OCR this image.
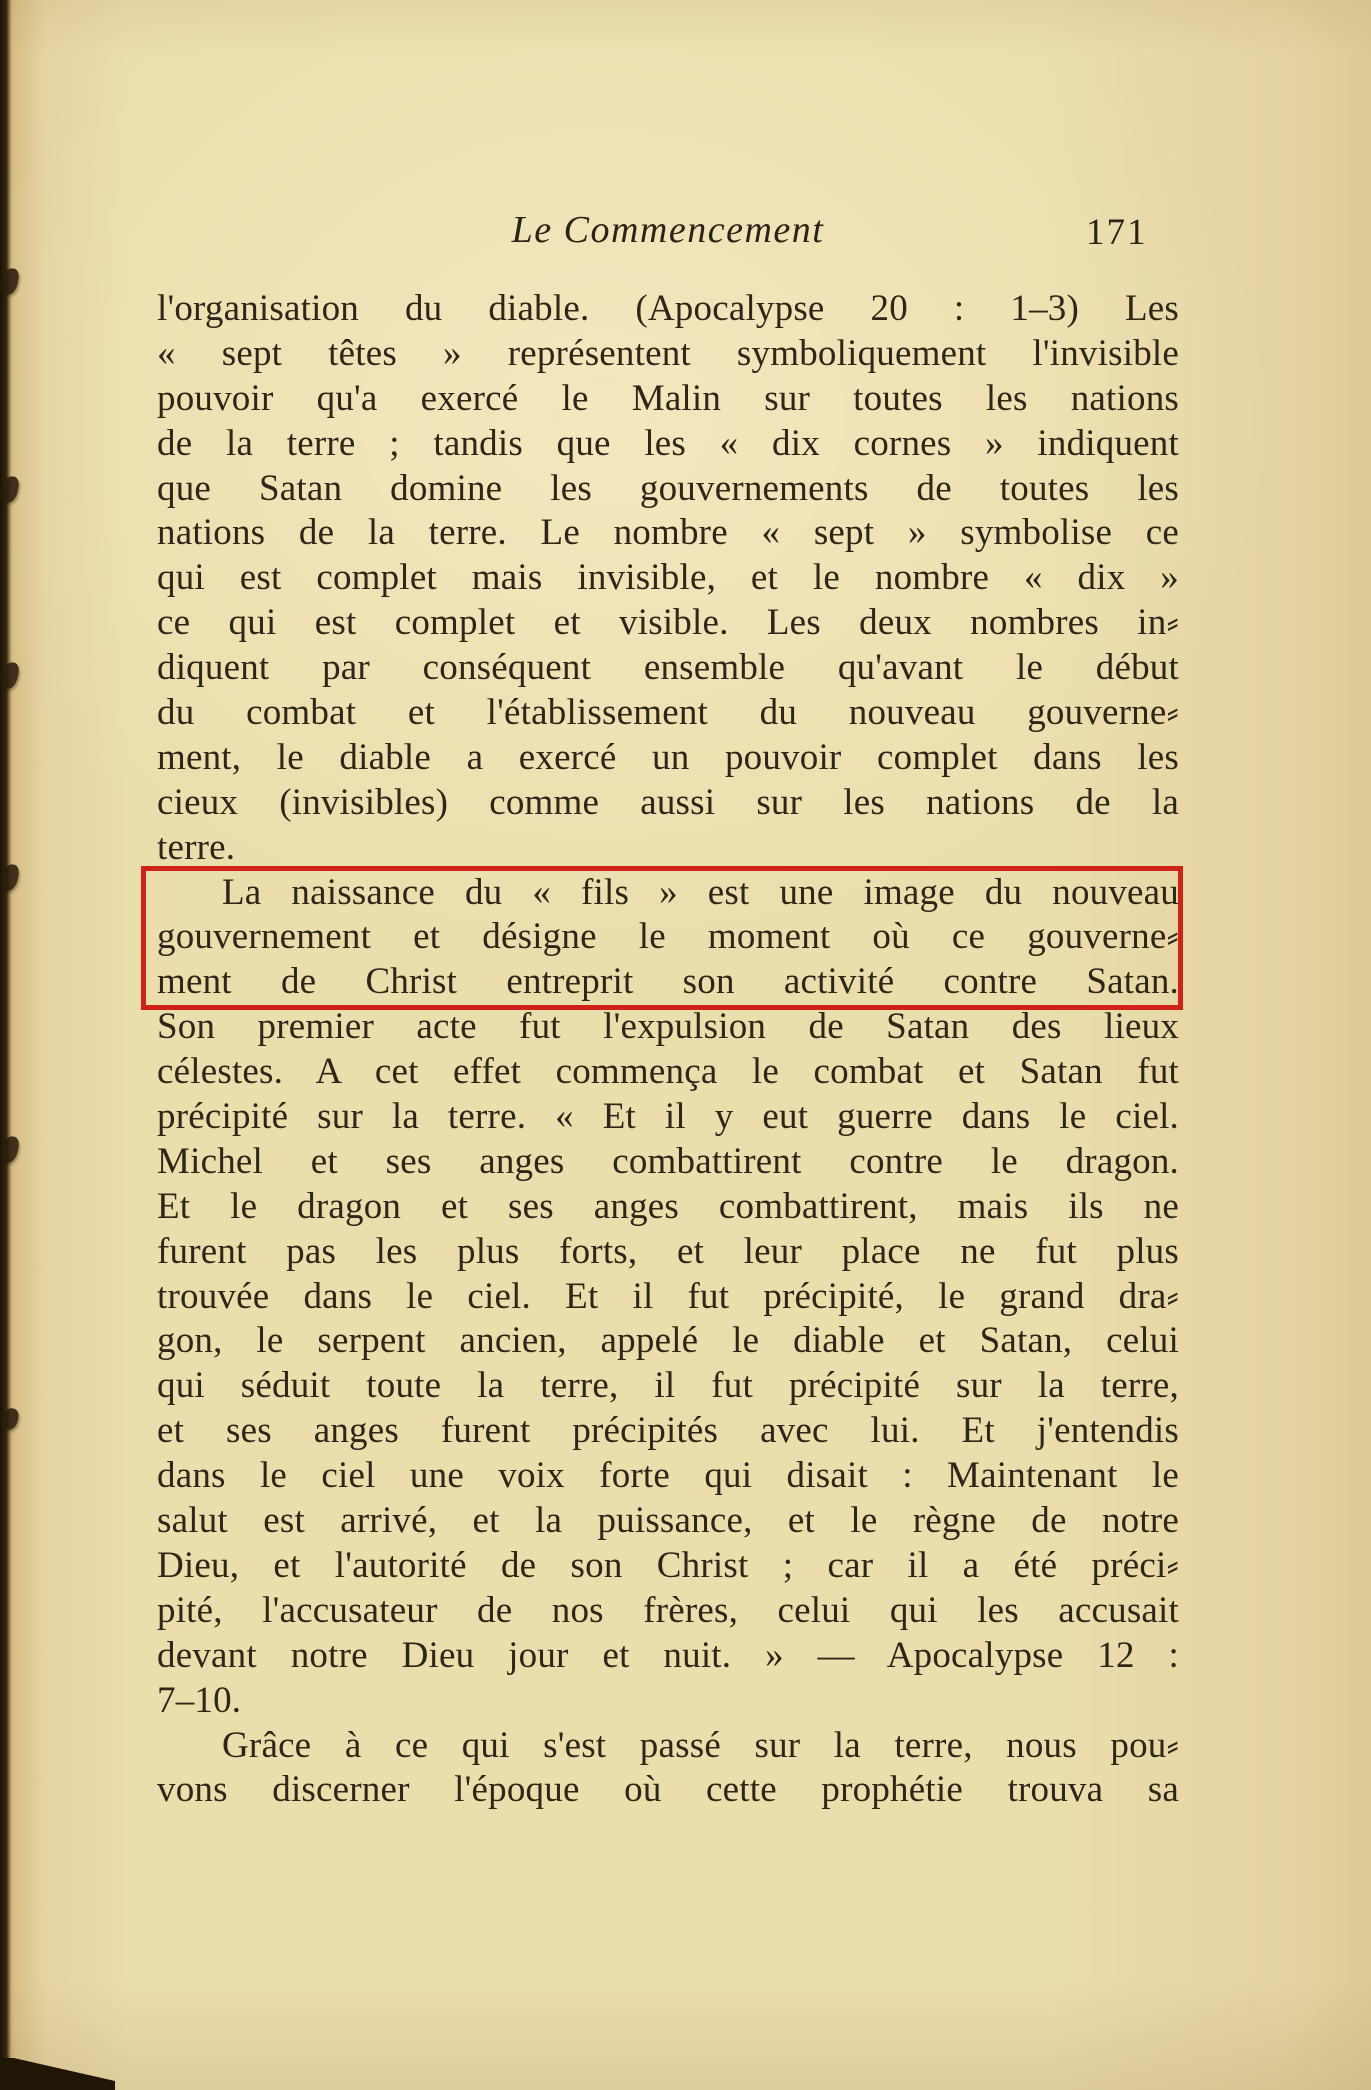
Le Commencement	171
l'organisation du diable. (Apocalypse 20 : 1–3) Les
« sept têtes » représentent symboliquement l'invisible
pouvoir qu'a exercé le Malin sur toutes les nations
de la terre ; tandis que les « dix cornes » indiquent
que Satan domine les gouvernements de toutes les
nations de la terre. Le nombre « sept » symbolise ce
qui est complet mais invisible, et le nombre « dix »
ce qui est complet et visible. Les deux nombres in⸗
diquent par conséquent ensemble qu'avant le début
du combat et l'établissement du nouveau gouverne⸗
ment, le diable a exercé un pouvoir complet dans les
cieux (invisibles) comme aussi sur les nations de la
terre.
La naissance du « fils » est une image du nouveau
gouvernement et désigne le moment où ce gouverne⸗
ment de Christ entreprit son activité contre Satan.
Son premier acte fut l'expulsion de Satan des lieux
célestes. A cet effet commença le combat et Satan fut
précipité sur la terre. « Et il y eut guerre dans le ciel.
Michel et ses anges combattirent contre le dragon.
Et le dragon et ses anges combattirent, mais ils ne
furent pas les plus forts, et leur place ne fut plus
trouvée dans le ciel. Et il fut précipité, le grand dra⸗
gon, le serpent ancien, appelé le diable et Satan, celui
qui séduit toute la terre, il fut précipité sur la terre,
et ses anges furent précipités avec lui. Et j'entendis
dans le ciel une voix forte qui disait : Maintenant le
salut est arrivé, et la puissance, et le règne de notre
Dieu, et l'autorité de son Christ ; car il a été préci⸗
pité, l'accusateur de nos frères, celui qui les accusait
devant notre Dieu jour et nuit. » — Apocalypse 12 :
7–10.
Grâce à ce qui s'est passé sur la terre, nous pou⸗
vons discerner l'époque où cette prophétie trouva sa
